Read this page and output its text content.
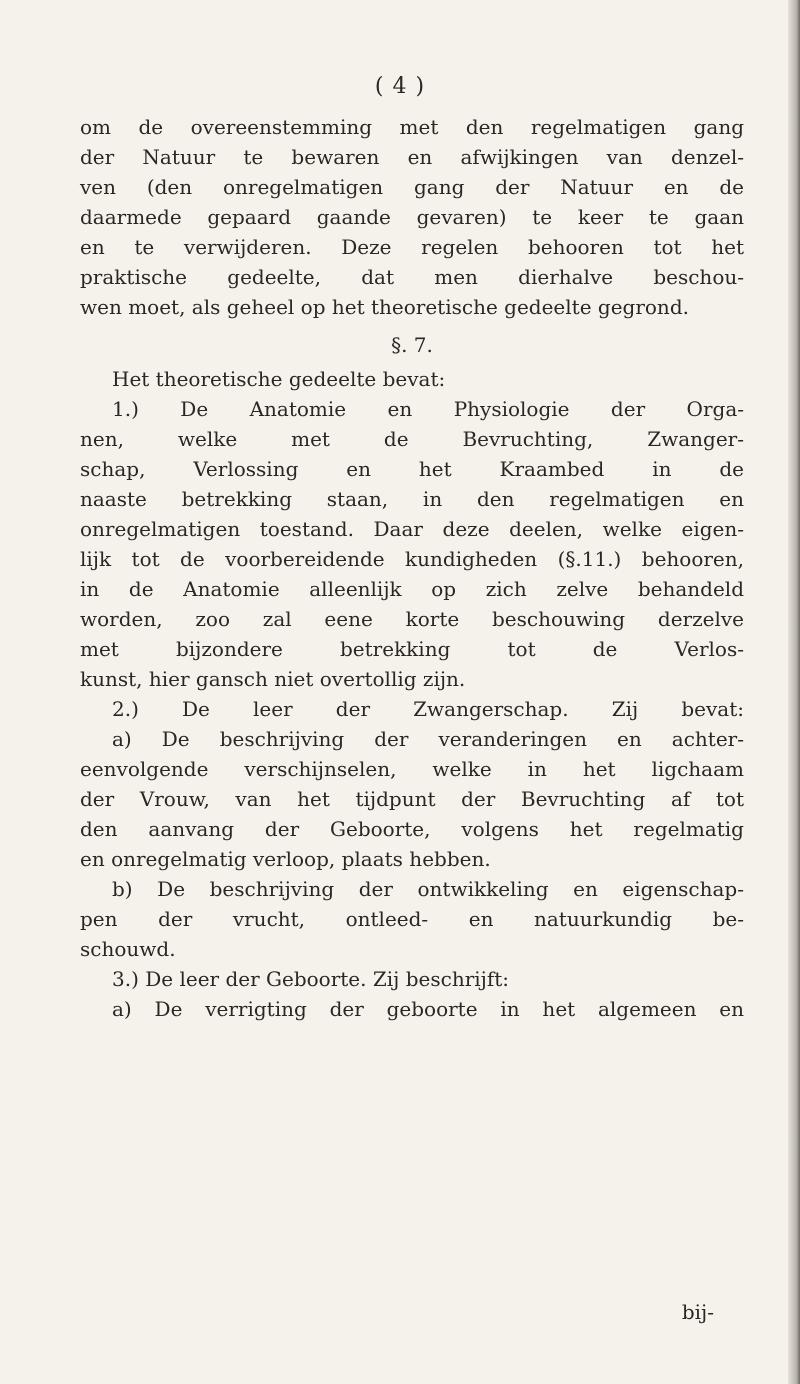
( 4 )
om de overeenstemming met den regelmatigen gang
der Natuur te bewaren en afwijkingen van denzel-
ven (den onregelmatigen gang der Natuur en de
daarmede gepaard gaande gevaren) te keer te gaan
en te verwijderen. Deze regelen behooren tot het
praktische gedeelte, dat men dierhalve beschou-
wen moet, als geheel op het theoretische gedeelte gegrond.
§. 7.
Het theoretische gedeelte bevat:
1.) De Anatomie en Physiologie der Orga-
nen, welke met de Bevruchting, Zwanger-
schap, Verlossing en het Kraambed in de
naaste betrekking staan, in den regelmatigen en
onregelmatigen toestand. Daar deze deelen, welke eigen-
lijk tot de voorbereidende kundigheden (§.11.) behooren,
in de Anatomie alleenlijk op zich zelve behandeld
worden, zoo zal eene korte beschouwing derzelve
met bijzondere betrekking tot de Verlos-
kunst, hier gansch niet overtollig zijn.
2.) De leer der Zwangerschap. Zij bevat:
a) De beschrijving der veranderingen en achter-
eenvolgende verschijnselen, welke in het ligchaam
der Vrouw, van het tijdpunt der Bevruchting af tot
den aanvang der Geboorte, volgens het regelmatig
en onregelmatig verloop, plaats hebben.
b) De beschrijving der ontwikkeling en eigenschap-
pen der vrucht, ontleed- en natuurkundig be-
schouwd.
3.) De leer der Geboorte. Zij beschrijft:
a) De verrigting der geboorte in het algemeen en
bij-
